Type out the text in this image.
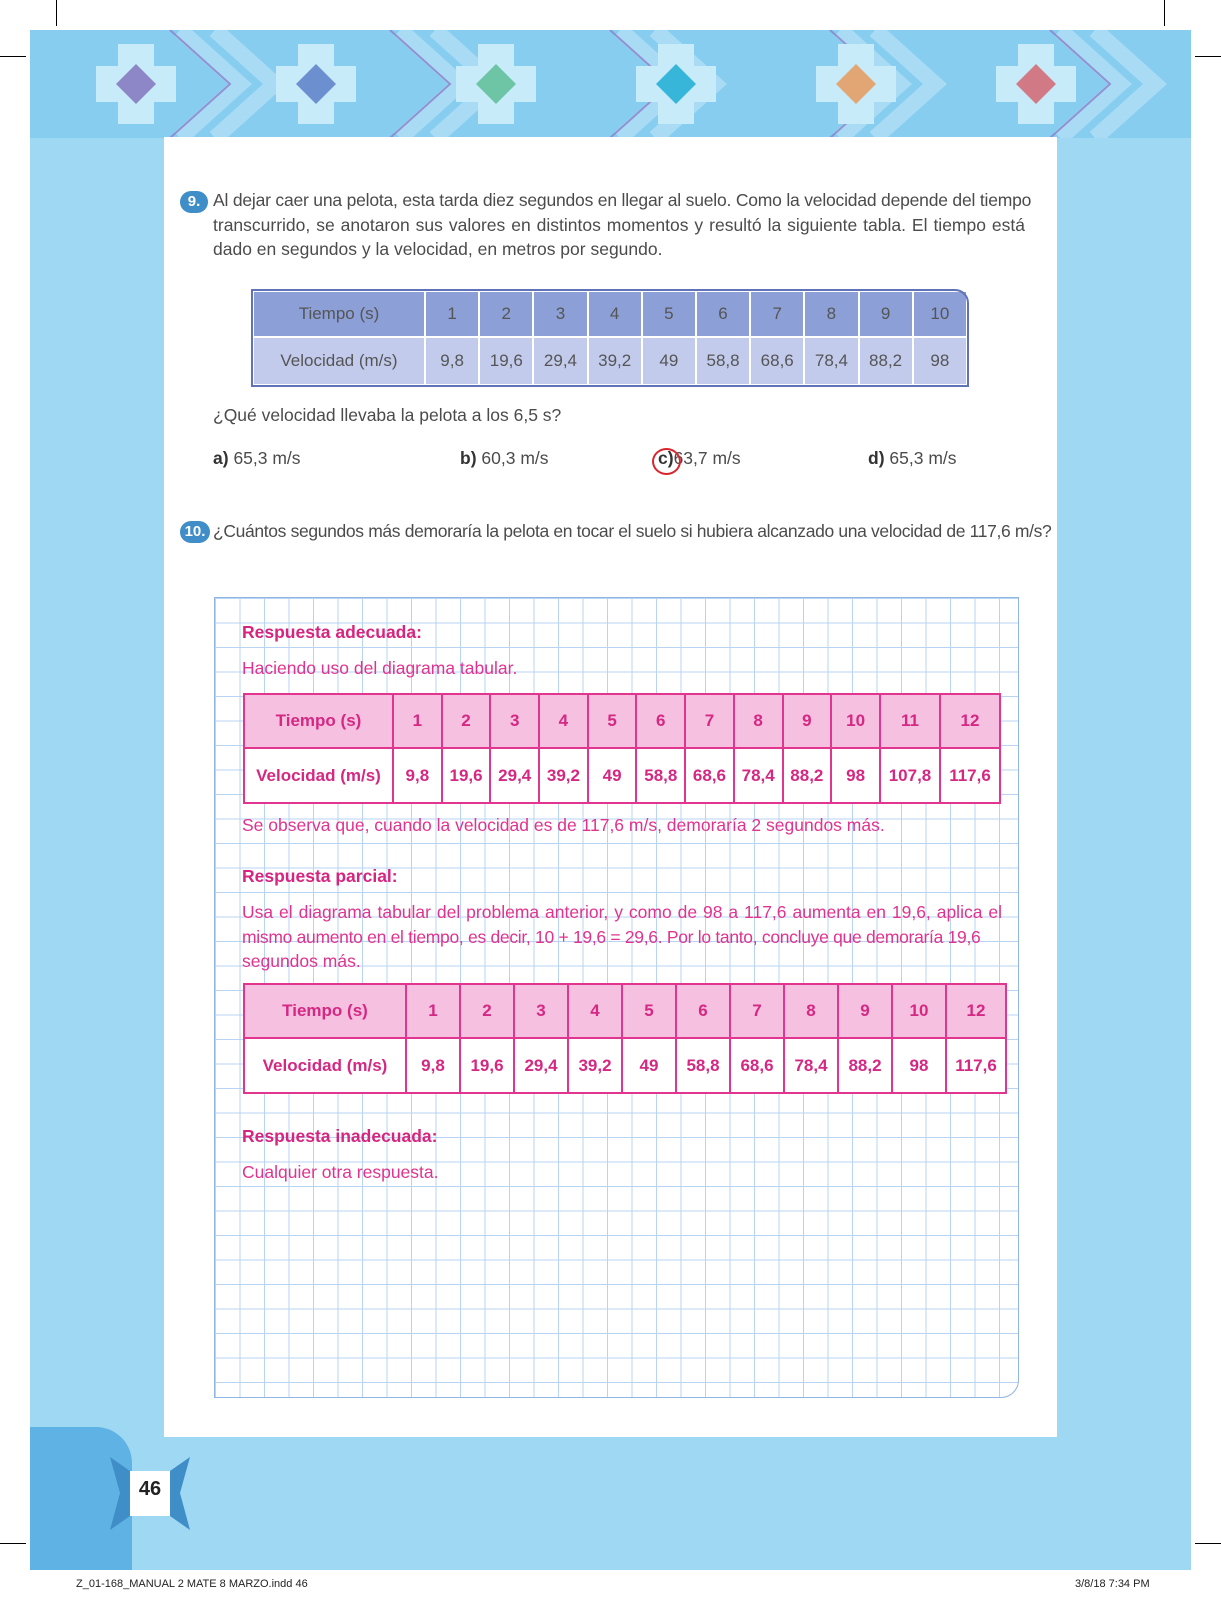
9. Al dejar caer una pelota, esta tarda diez segundos en llegar al suelo. Como la velocidad depende del tiempo
transcurrido, se anotaron sus valores en distintos momentos y resultó la siguiente tabla. El tiempo está
dado en segundos y la velocidad, en metros por segundo.
Tiempo (s)	1	2	3	4	5	6	7	8	9	10
Velocidad (m/s)	9,8	19,6	29,4	39,2	49	58,8	68,6	78,4	88,2	98
¿Qué velocidad llevaba la pelota a los 6,5 s?
a) 65,3 m/s	b) 60,3 m/s	c)63,7 m/s	d) 65,3 m/s
10. ¿Cuántos segundos más demoraría la pelota en tocar el suelo si hubiera alcanzado una velocidad de 117,6 m/s?
Respuesta adecuada:
Haciendo uso del diagrama tabular.
Tiempo (s)	1	2	3	4	5	6	7	8	9	10	11	12
Velocidad (m/s)	9,8	19,6	29,4	39,2	49	58,8	68,6	78,4	88,2	98	107,8	117,6
Se observa que, cuando la velocidad es de 117,6 m/s, demoraría 2 segundos más.
Respuesta parcial:
Usa el diagrama tabular del problema anterior, y como de 98 a 117,6 aumenta en 19,6, aplica el
mismo aumento en el tiempo, es decir, 10 + 19,6 = 29,6. Por lo tanto, concluye que demoraría 19,6
segundos más.
Tiempo (s)	1	2	3	4	5	6	7	8	9	10	12
Velocidad (m/s)	9,8	19,6	29,4	39,2	49	58,8	68,6	78,4	88,2	98	117,6
Respuesta inadecuada:
Cualquier otra respuesta.
46
Z_01-168_MANUAL 2 MATE 8 MARZO.indd 46	3/8/18 7:34 PM
